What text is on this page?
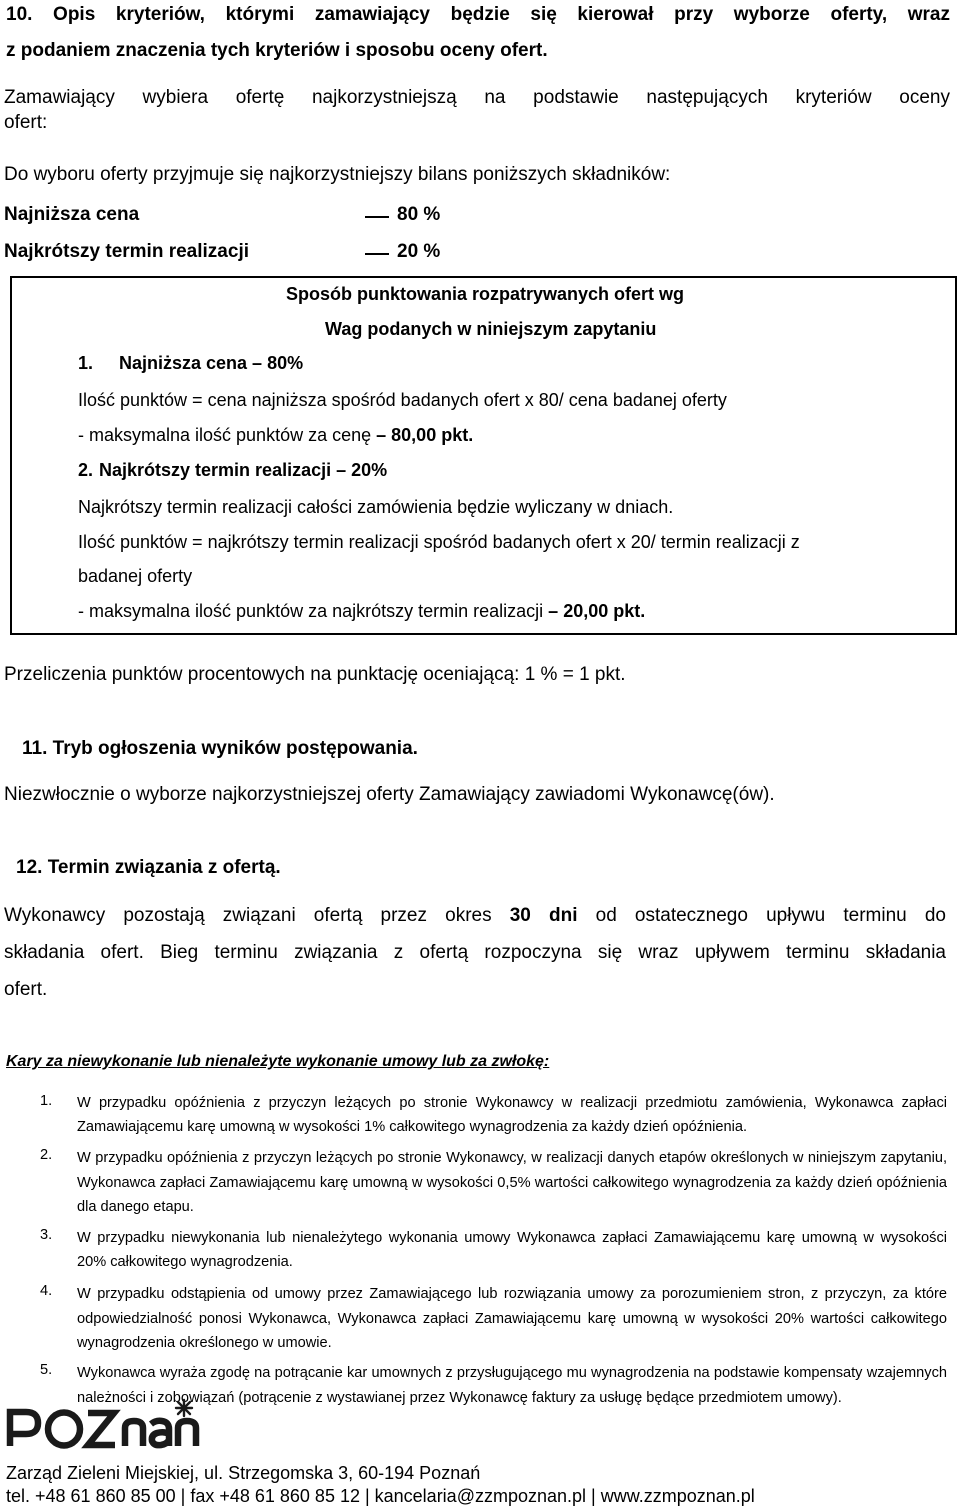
10. Opis kryteriów, którymi zamawiający będzie się kierował przy wyborze oferty, wraz
z podaniem znaczenia tych kryteriów i sposobu oceny ofert.
Zamawiający wybiera ofertę najkorzystniejszą na podstawie następujących kryteriów oceny
ofert:
Do wyboru oferty przyjmuje się najkorzystniejszy bilans poniższych składników:
Najniższa cena	80 %
Najkrótszy termin realizacji	20 %
Sposób punktowania rozpatrywanych ofert wg
Wag podanych w niniejszym zapytaniu
1. Najniższa cena – 80%
Ilość punktów = cena najniższa spośród badanych ofert x 80/ cena badanej oferty
- maksymalna ilość punktów za cenę – 80,00 pkt.
2. Najkrótszy termin realizacji – 20%
Najkrótszy termin realizacji całości zamówienia będzie wyliczany w dniach.
Ilość punktów = najkrótszy termin realizacji spośród badanych ofert x 20/ termin realizacji z
badanej oferty
- maksymalna ilość punktów za najkrótszy termin realizacji – 20,00 pkt.
Przeliczenia punktów procentowych na punktację oceniającą: 1 % = 1 pkt.
11. Tryb ogłoszenia wyników postępowania.
Niezwłocznie o wyborze najkorzystniejszej oferty Zamawiający zawiadomi Wykonawcę(ów).
12. Termin związania z ofertą.
Wykonawcy pozostają związani ofertą przez okres 30 dni od ostatecznego upływu terminu do
składania ofert. Bieg terminu związania z ofertą rozpoczyna się wraz upływem terminu składania
ofert.
Kary za niewykonanie lub nienależyte wykonanie umowy lub za zwłokę:
1. W przypadku opóźnienia z przyczyn leżących po stronie Wykonawcy w realizacji przedmiotu zamówienia, Wykonawca zapłaci Zamawiającemu karę umowną w wysokości 1% całkowitego wynagrodzenia za każdy dzień opóźnienia.
2. W przypadku opóźnienia z przyczyn leżących po stronie Wykonawcy, w realizacji danych etapów określonych w niniejszym zapytaniu, Wykonawca zapłaci Zamawiającemu karę umowną w wysokości 0,5% wartości całkowitego wynagrodzenia za każdy dzień opóźnienia dla danego etapu.
3. W przypadku niewykonania lub nienależytego wykonania umowy Wykonawca zapłaci Zamawiającemu karę umowną w wysokości 20% całkowitego wynagrodzenia.
4. W przypadku odstąpienia od umowy przez Zamawiającego lub rozwiązania umowy za porozumieniem stron, z przyczyn, za które odpowiedzialność ponosi Wykonawca, Wykonawca zapłaci Zamawiającemu karę umowną w wysokości 20% wartości całkowitego wynagrodzenia określonego w umowie.
5. Wykonawca wyraża zgodę na potrącanie kar umownych z przysługującego mu wynagrodzenia na podstawie kompensaty wzajemnych należności i zobowiązań (potrącenie z wystawianej przez Wykonawcę faktury za usługę będące przedmiotem umowy).
Zarząd Zieleni Miejskiej, ul. Strzegomska 3, 60-194 Poznań
tel. +48 61 860 85 00 | fax +48 61 860 85 12 | kancelaria@zzmpoznan.pl | www.zzmpoznan.pl
